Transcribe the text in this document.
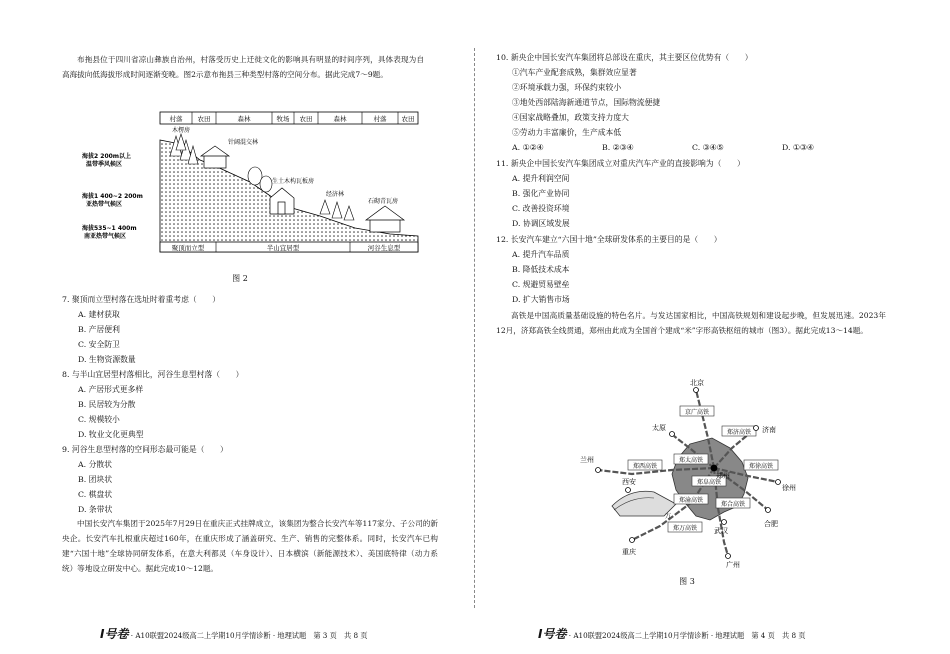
布拖县位于四川省凉山彝族自治州，村落受历史上迁徙文化的影响具有明显的时间序列，具体表现为自高海拔向低海拔形成时间逐渐变晚。图2示意布拖县三种类型村落的空间分布。据此完成7～9题。

村落 农田	森林	牧场 农田	森林	村落 农田
木楞房
针阔混交林
生土木构瓦板房
经济林
石砌青瓦房
海拔2 200m以上
温带季风候区
海拔1 400~2 200m
亚热带气候区
海拔535~1 400m
南亚热带气候区
聚顶而立型	半山宜居型	河谷生息型
图 2
7. 聚顶而立型村落在选址时着重考虑（　　）
A. 建材获取
B. 产居便利
C. 安全防卫
D. 生物资源数量
8. 与半山宜居型村落相比，河谷生息型村落（　　）
A. 产居形式更多样
B. 民居较为分散
C. 规模较小
D. 牧业文化更典型
9. 河谷生息型村落的空间形态最可能是（　　）
A. 分散状
B. 团块状
C. 棋盘状
D. 条带状

中国长安汽车集团于2025年7月29日在重庆正式挂牌成立，该集团为整合长安汽车等117家分、子公司的新央企。长安汽车扎根重庆超过160年，在重庆形成了涵盖研究、生产、销售的完整体系。同时，长安汽车已构建“六国十地”全球协同研发体系，在意大利都灵（车身设计）、日本横滨（新能源技术）、美国底特律（动力系统）等地设立研发中心。据此完成10～12题。

I号卷 · A10联盟2024级高二上学期10月学情诊断 · 地理试题　第 3 页　共 8 页
10. 新央企中国长安汽车集团将总部设在重庆，其主要区位优势有（　　）
①汽车产业配套成熟，集群效应显著
②环境承载力强，环保约束较小
③地处西部陆海新通道节点，国际物流便捷
④国家战略叠加，政策支持力度大
⑤劳动力丰富廉价，生产成本低
A. ①②④	B. ②③④	C. ③④⑤	D. ①③④
11. 新央企中国长安汽车集团成立对重庆汽车产业的直接影响为（　　）
A. 提升利润空间
B. 强化产业协同
C. 改善投资环境
D. 协调区域发展
12. 长安汽车建立“六国十地”全球研发体系的主要目的是（　　）
A. 提升汽车品质
B. 降低技术成本
C. 规避贸易壁垒
D. 扩大销售市场

高铁是中国高质量基础设施的特色名片。与发达国家相比，中国高铁规划和建设起步晚，但发展迅速。2023年12月，济郑高铁全线贯通，郑州由此成为全国首个建成“米”字形高铁枢纽的城市（图3）。据此完成13～14题。

京广高铁
郑济高铁
郑太高铁
郑西高铁	郑徐高铁
郑阜高铁
郑合高铁
郑渝高铁
郑万高铁
万
北京
太原	济南
兰州
郑州
徐州
西安
合肥
武汉
重庆
广州
图 3
I号卷 · A10联盟2024级高二上学期10月学情诊断 · 地理试题　第 4 页　共 8 页
